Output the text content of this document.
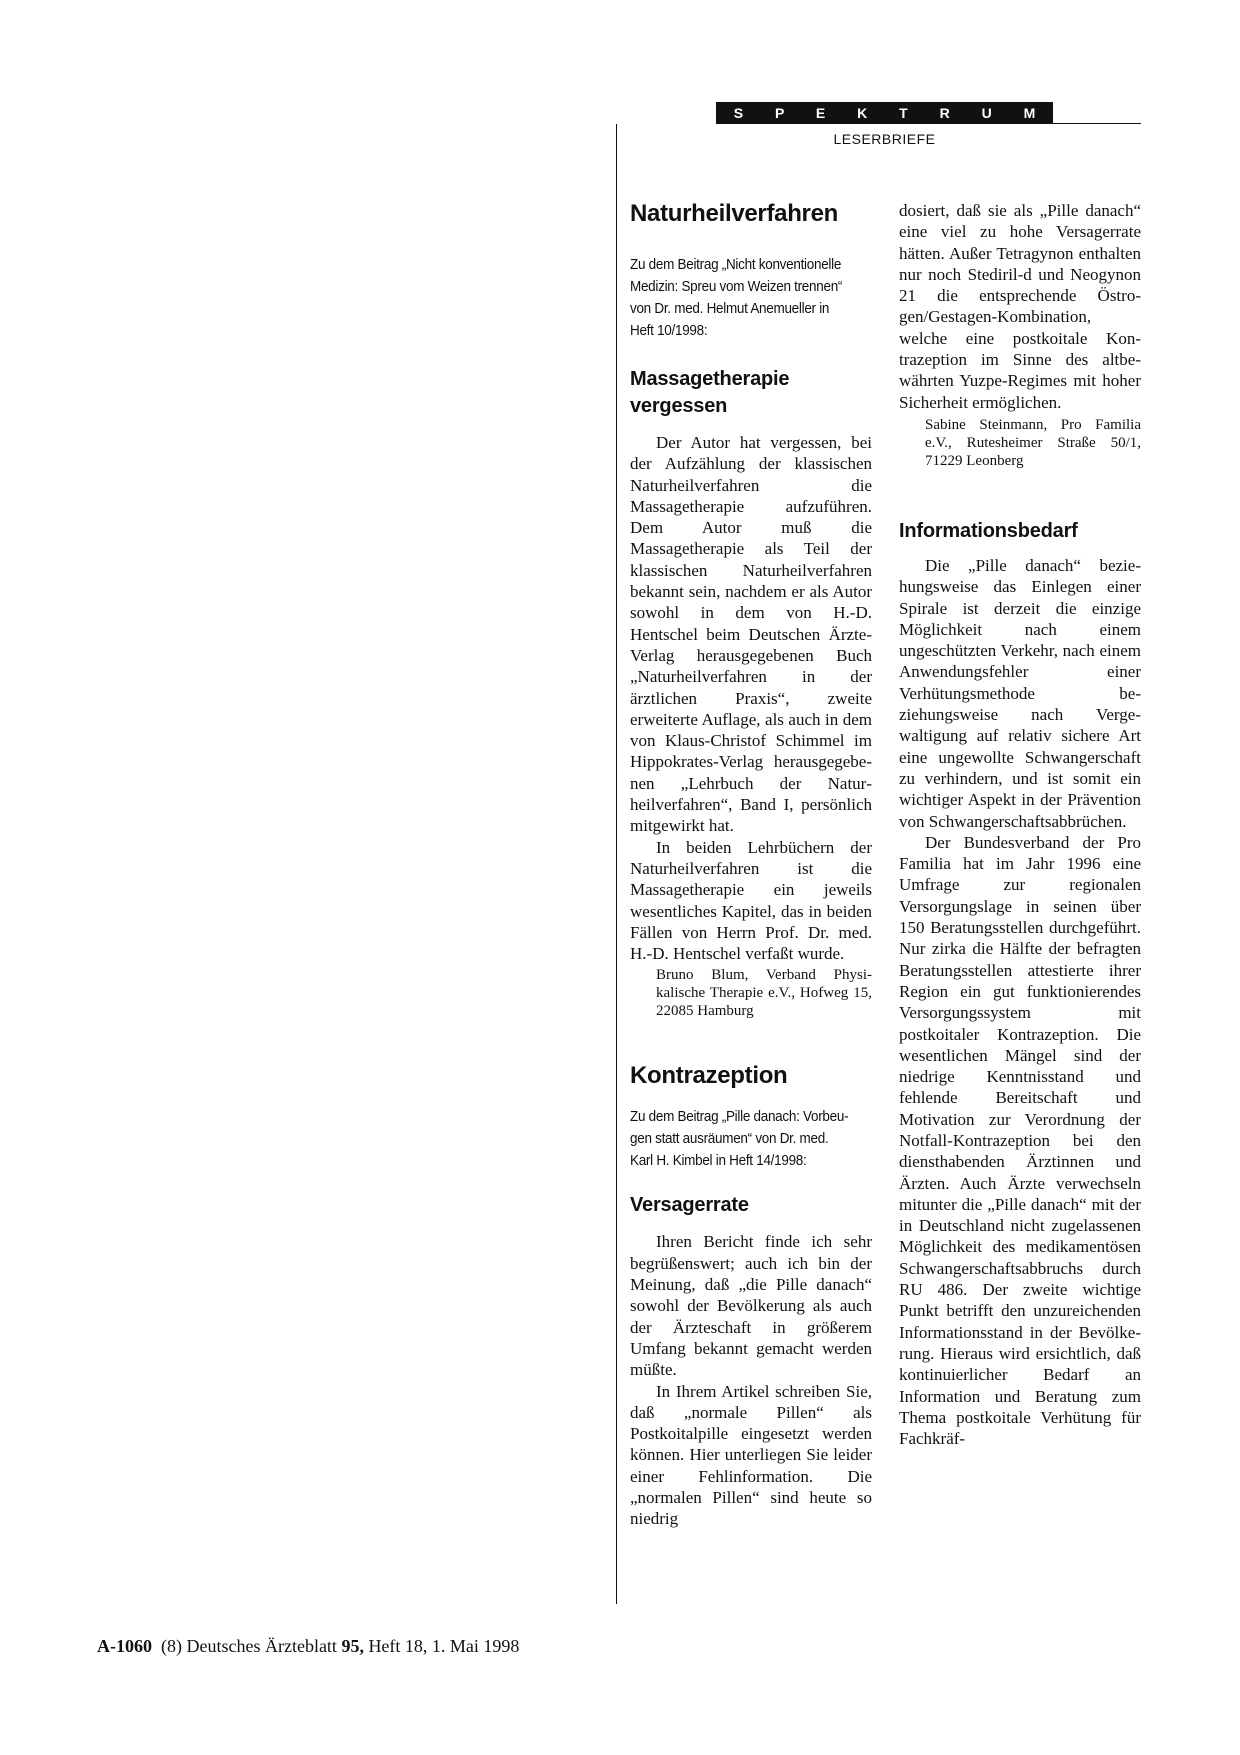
S P E K T R U M
LESERBRIEFE
Naturheilverfahren
Zu dem Beitrag „Nicht konventionelle
Medizin: Spreu vom Weizen trennen“
von Dr. med. Helmut Anemueller in
Heft 10/1998:
Massagetherapie
vergessen

Der Autor hat vergessen, bei der Aufzählung der klassischen Naturheilverfahren die Massagetherapie aufzuführen. Dem Autor muß die Massagetherapie als Teil der klassischen Naturheilverfahren bekannt sein, nachdem er als Autor sowohl in dem von H.-D. Hentschel beim Deutschen Ärzte-Verlag herausgegebenen Buch „Naturheilverfahren in der ärztlichen Praxis“, zweite erweiterte Auflage, als auch in dem von Klaus-Christof Schimmel im Hippokrates-Verlag herausgegebenen „Lehrbuch der Naturheilverfahren“, Band I, persönlich mitgewirkt hat.

In beiden Lehrbüchern der Naturheilverfahren ist die Massagetherapie ein jeweils wesentliches Kapitel, das in beiden Fällen von Herrn Prof. Dr. med. H.-D. Hentschel verfaßt wurde.

Bruno Blum, Verband Physikalische Therapie e.V., Hofweg 15, 22085 Hamburg

Kontrazeption
Zu dem Beitrag „Pille danach: Vorbeu-
gen statt ausräumen“ von Dr. med.
Karl H. Kimbel in Heft 14/1998:
Versagerrate

Ihren Bericht finde ich sehr begrüßenswert; auch ich bin der Meinung, daß „die Pille danach“ sowohl der Bevölkerung als auch der Ärzteschaft in größerem Umfang bekannt gemacht werden müßte.

In Ihrem Artikel schreiben Sie, daß „normale Pillen“ als Postkoitalpille eingesetzt werden können. Hier unterliegen Sie leider einer Fehlinformation. Die „normalen Pillen“ sind heute so niedrig

dosiert, daß sie als „Pille danach“ eine viel zu hohe Versagerrate hätten. Außer Tetragynon enthalten nur noch Stediril-d und Neogynon 21 die entsprechende Östrogen/Gestagen-Kombination, welche eine postkoitale Kontrazeption im Sinne des altbewährten Yuzpe-Regimes mit hoher Sicherheit ermöglichen.

Sabine Steinmann, Pro Familia e.V., Rutesheimer Straße 50/1, 71229 Leonberg

Informationsbedarf

Die „Pille danach“ beziehungsweise das Einlegen einer Spirale ist derzeit die einzige Möglichkeit nach einem ungeschützten Verkehr, nach einem Anwendungsfehler einer Verhütungsmethode beziehungsweise nach Vergewaltigung auf relativ sichere Art eine ungewollte Schwangerschaft zu verhindern, und ist somit ein wichtiger Aspekt in der Prävention von Schwangerschaftsabbrüchen.

Der Bundesverband der Pro Familia hat im Jahr 1996 eine Umfrage zur regionalen Versorgungslage in seinen über 150 Beratungsstellen durchgeführt. Nur zirka die Hälfte der befragten Beratungsstellen attestierte ihrer Region ein gut funktionierendes Versorgungssystem mit postkoitaler Kontrazeption. Die wesentlichen Mängel sind der niedrige Kenntnisstand und fehlende Bereitschaft und Motivation zur Verordnung der Notfall-Kontrazeption bei den diensthabenden Ärztinnen und Ärzten. Auch Ärzte verwechseln mitunter die „Pille danach“ mit der in Deutschland nicht zugelassenen Möglichkeit des medikamentösen Schwangerschaftsabbruchs durch RU 486. Der zweite wichtige Punkt betrifft den unzureichenden Informationsstand in der Bevölkerung. Hieraus wird ersichtlich, daß kontinuierlicher Bedarf an Information und Beratung zum Thema postkoitale Verhütung für Fachkräf-

A-1060  (8) Deutsches Ärzteblatt 95, Heft 18, 1. Mai 1998
